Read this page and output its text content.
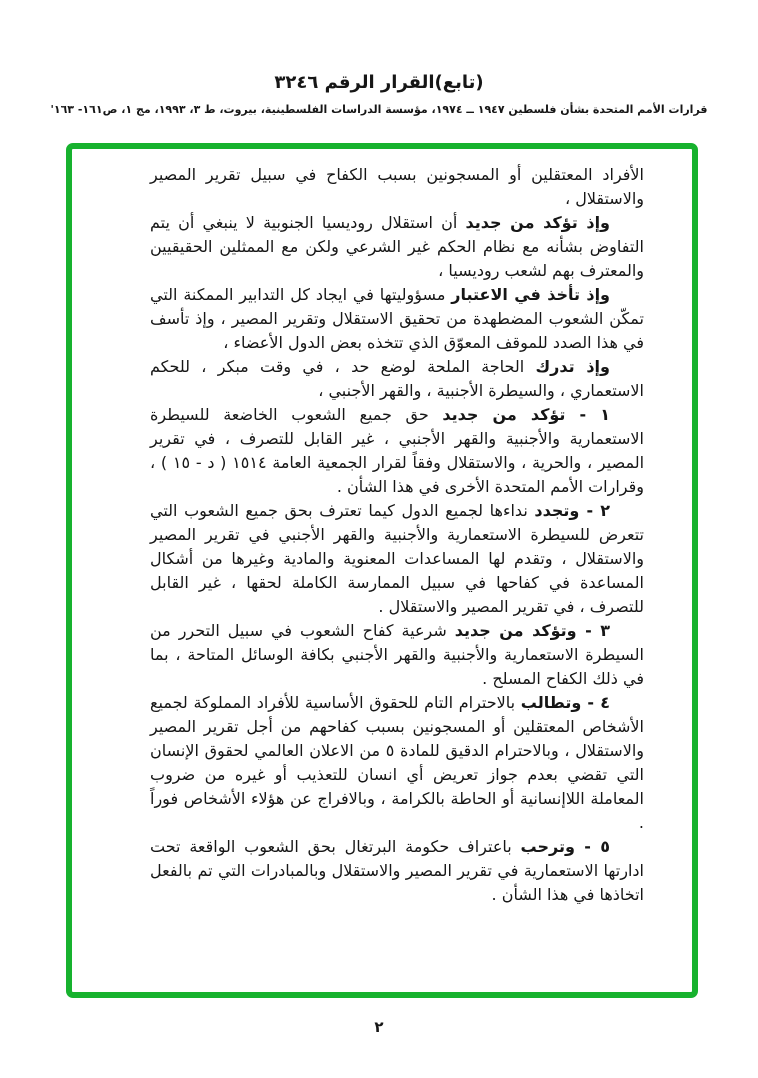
(تابع)القرار الرقم ٣٢٤٦
قرارات الأمم المتحدة بشأن فلسطين ١٩٤٧ ــ ١٩٧٤، مؤسسة الدراسات الفلسطينية، بيروت، ط ٣، ١٩٩٣، مج ١، ص١٦١- ١٦٣'

الأفراد المعتقلين أو المسجونين بسبب الكفاح في سبيل تقرير المصير والاستقلال ،

وإذ تؤكد من جديد أن استقلال روديسيا الجنوبية لا ينبغي أن يتم التفاوض بشأنه مع نظام الحكم غير الشرعي ولكن مع الممثلين الحقيقيين والمعترف بهم لشعب روديسيا ،

وإذ تأخذ في الاعتبار مسؤوليتها في ايجاد كل التدابير الممكنة التي تمكّن الشعوب المضطهدة من تحقيق الاستقلال وتقرير المصير ، وإذ تأسف في هذا الصدد للموقف المعوّق الذي تتخذه بعض الدول الأعضاء ،

وإذ تدرك الحاجة الملحة لوضع حد ، في وقت مبكر ، للحكم الاستعماري ، والسيطرة الأجنبية ، والقهر الأجنبي ،

١ - تؤكد من جديد حق جميع الشعوب الخاضعة للسيطرة الاستعمارية والأجنبية والقهر الأجنبي ، غير القابل للتصرف ، في تقرير المصير ، والحرية ، والاستقلال وفقاً لقرار الجمعية العامة ١٥١٤ ( د - ١٥ ) ، وقرارات الأمم المتحدة الأخرى في هذا الشأن .

٢ - وتجدد نداءها لجميع الدول كيما تعترف بحق جميع الشعوب التي تتعرض للسيطرة الاستعمارية والأجنبية والقهر الأجنبي في تقرير المصير والاستقلال ، وتقدم لها المساعدات المعنوية والمادية وغيرها من أشكال المساعدة في كفاحها في سبيل الممارسة الكاملة لحقها ، غير القابل للتصرف ، في تقرير المصير والاستقلال .

٣ - وتؤكد من جديد شرعية كفاح الشعوب في سبيل التحرر من السيطرة الاستعمارية والأجنبية والقهر الأجنبي بكافة الوسائل المتاحة ، بما في ذلك الكفاح المسلح .

٤ - وتطالب بالاحترام التام للحقوق الأساسية للأفراد المملوكة لجميع الأشخاص المعتقلين أو المسجونين بسبب كفاحهم من أجل تقرير المصير والاستقلال ، وبالاحترام الدقيق للمادة ٥ من الاعلان العالمي لحقوق الإنسان التي تقضي بعدم جواز تعريض أي انسان للتعذيب أو غيره من ضروب المعاملة اللاإنسانية أو الحاطة بالكرامة ، وبالافراج عن هؤلاء الأشخاص فوراً .

٥ - وترحب باعتراف حكومة البرتغال بحق الشعوب الواقعة تحت ادارتها الاستعمارية في تقرير المصير والاستقلال وبالمبادرات التي تم بالفعل اتخاذها في هذا الشأن .

٢
